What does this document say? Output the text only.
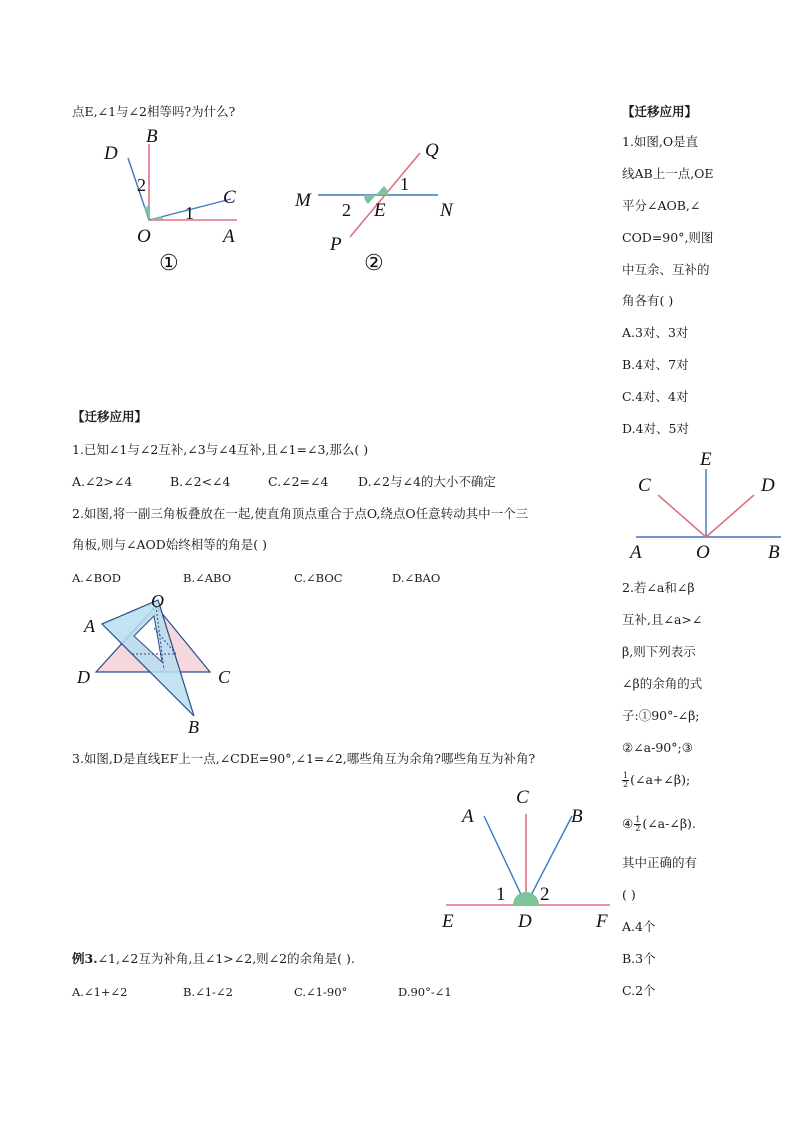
点E,∠1与∠2相等吗?为什么?
B
D
C
O	A
2
1
①
Q
M	N
P
E
1
2
②
【迁移应用】
1.已知∠1与∠2互补,∠3与∠4互补,且∠1=∠3,那么( )
A.∠2>∠4	B.∠2<∠4	C.∠2=∠4 D.∠2与∠4的大小不确定
2.如图,将一副三角板叠放在一起,使直角顶点重合于点O,绕点O任意转动其中一个三
角板,则与∠AOD始终相等的角是( )
A.∠BOD	B.∠ABO	C.∠BOC	D.∠BAO
O
A
D	C
B
3.如图,D是直线EF上一点,∠CDE=90°,∠1=∠2,哪些角互为余角?哪些角互为补角?
A
C
B
1 2
E	D	F
例3.∠1,∠2互为补角,且∠1>∠2,则∠2的余角是( ).
A.∠1+∠2	B.∠1-∠2	C.∠1-90°	D.90°-∠1
【迁移应用】
1.如图,O是直
线AB上一点,OE
平分∠AOB,∠
COD=90°,则图
中互余、互补的
角各有( )
A.3对、3对
B.4对、7对
C.4对、4对
D.4对、5对
E
C	D
A	O	B
2.若∠a和∠β
互补,且∠a>∠
β,则下列表示
∠β的余角的式
子:①90°-∠β;
②∠a-90°;③
$\frac{1}{2}$ (∠a+∠β);
④ $\frac{1}{2}$ (∠a-∠β).
其中正确的有
( )
A.4个
B.3个
C.2个
